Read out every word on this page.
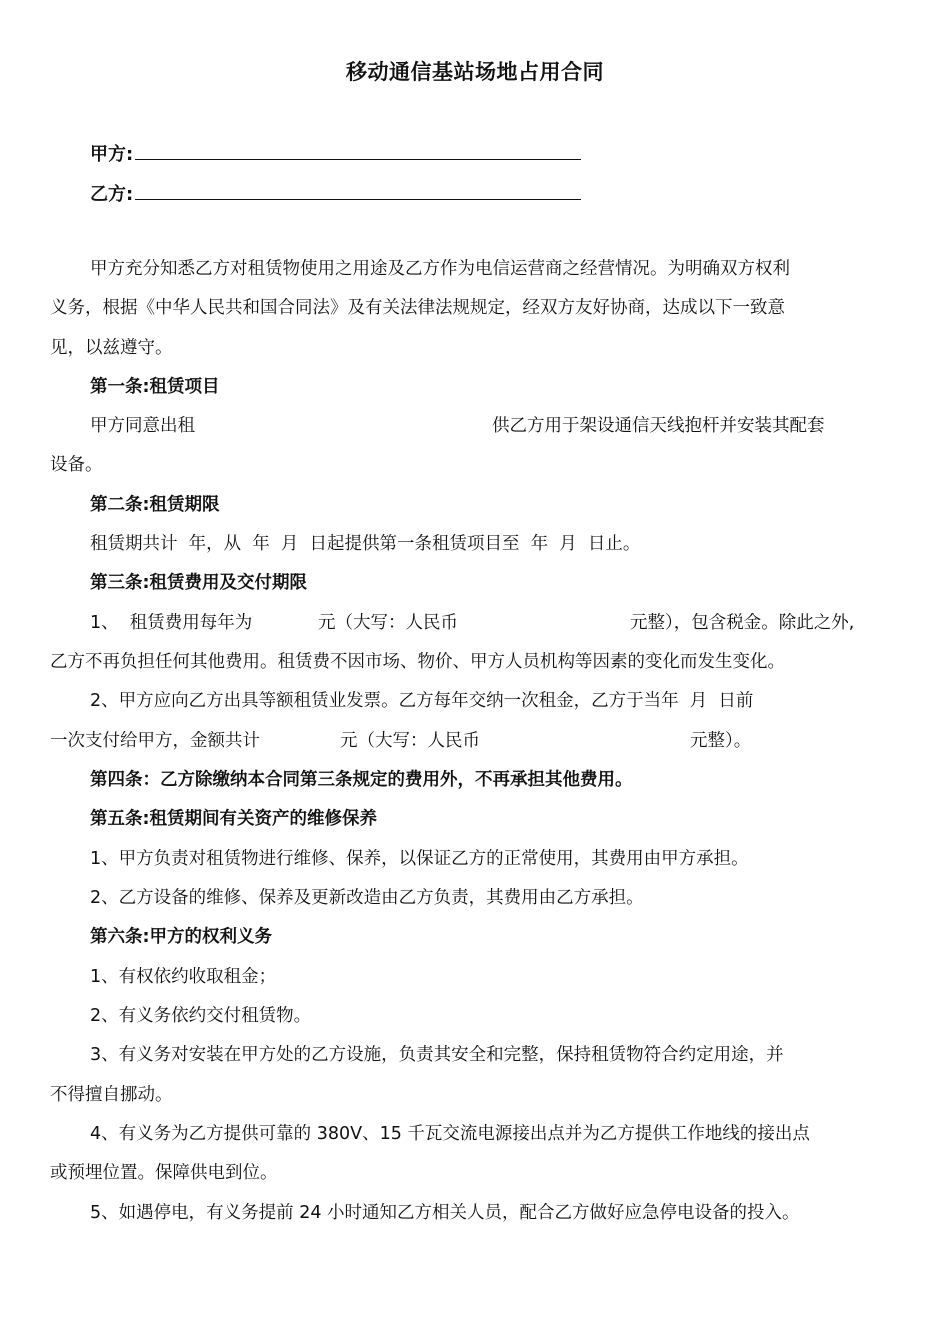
移动通信基站场地占用合同
甲方:
乙方:
甲方充分知悉乙方对租赁物使用之用途及乙方作为电信运营商之经营情况。为明确双方权利
义务，根据《中华人民共和国合同法》及有关法律法规规定，经双方友好协商，达成以下一致意
见，以兹遵守。
第一条:租赁项目
甲方同意出租	供乙方用于架设通信天线抱杆并安装其配套
设备。
第二条:租赁期限
租赁期共计  年，从  年  月  日起提供第一条租赁项目至  年  月  日止。
第三条:租赁费用及交付期限
1、  租赁费用每年为	元（大写：人民币	元整），包含税金。除此之外,
乙方不再负担任何其他费用。租赁费不因市场、物价、甲方人员机构等因素的变化而发生变化。
2、甲方应向乙方出具等额租赁业发票。乙方每年交纳一次租金，乙方于当年  月  日前
一次支付给甲方，金额共计	元（大写：人民币	元整）。
第四条：乙方除缴纳本合同第三条规定的费用外，不再承担其他费用。
第五条:租赁期间有关资产的维修保养
1、甲方负责对租赁物进行维修、保养，以保证乙方的正常使用，其费用由甲方承担。
2、乙方设备的维修、保养及更新改造由乙方负责，其费用由乙方承担。
第六条:甲方的权利义务
1、有权依约收取租金；
2、有义务依约交付租赁物。
3、有义务对安装在甲方处的乙方设施，负责其安全和完整，保持租赁物符合约定用途，并
不得擅自挪动。
4、有义务为乙方提供可靠的 380V、15 千瓦交流电源接出点并为乙方提供工作地线的接出点
或预埋位置。保障供电到位。
5、如遇停电，有义务提前 24 小时通知乙方相关人员，配合乙方做好应急停电设备的投入。
